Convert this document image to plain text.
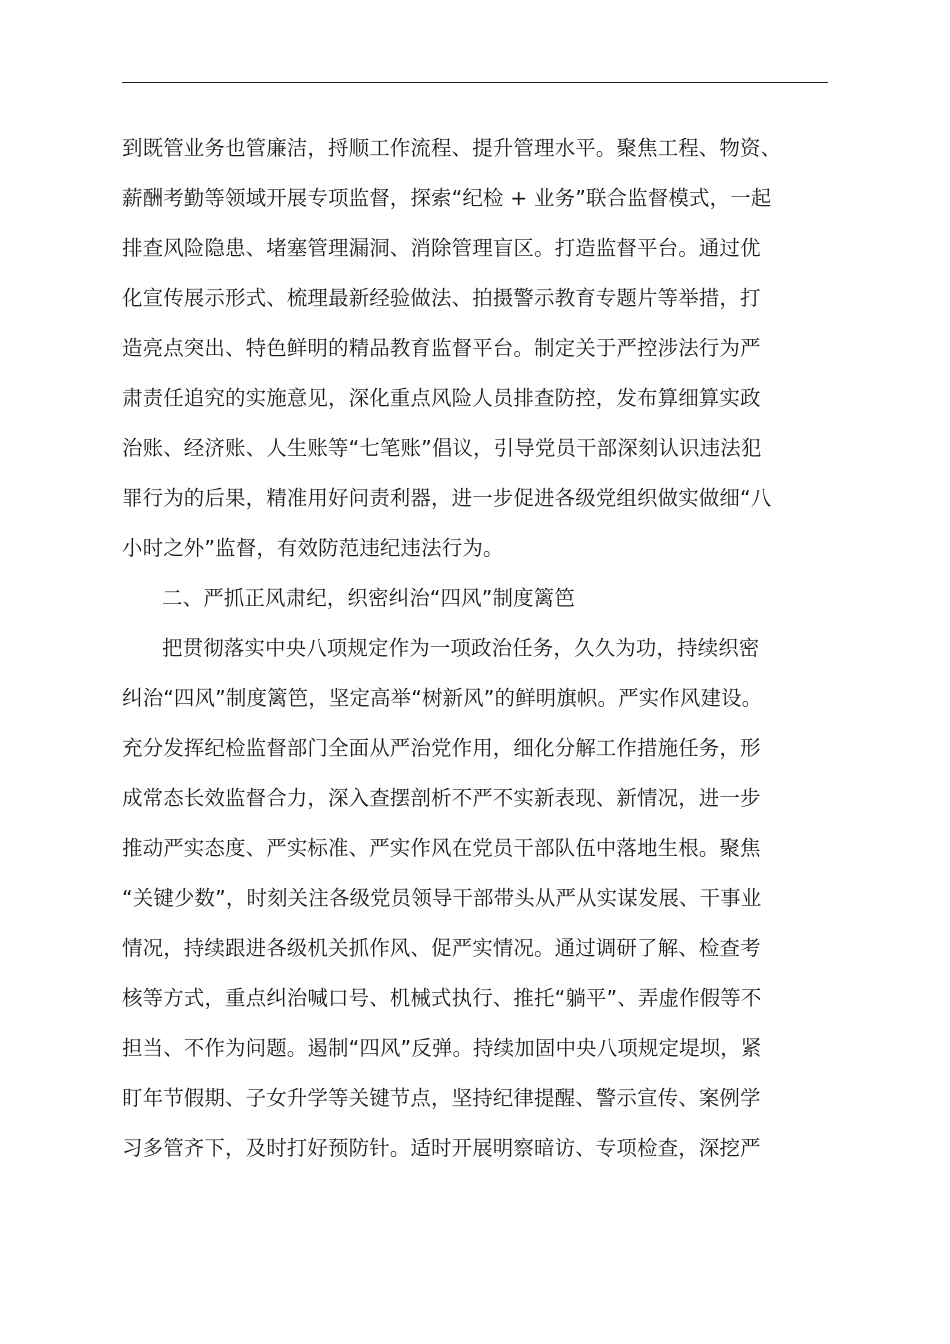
到既管业务也管廉洁，捋顺工作流程、提升管理水平。聚焦工程、物资、
薪酬考勤等领域开展专项监督，探索“纪检 + 业务”联合监督模式，一起
排查风险隐患、堵塞管理漏洞、消除管理盲区。打造监督平台。通过优
化宣传展示形式、梳理最新经验做法、拍摄警示教育专题片等举措，打
造亮点突出、特色鲜明的精品教育监督平台。制定关于严控涉法行为严
肃责任追究的实施意见，深化重点风险人员排查防控，发布算细算实政
治账、经济账、人生账等“七笔账”倡议，引导党员干部深刻认识违法犯
罪行为的后果，精准用好问责利器，进一步促进各级党组织做实做细“八
小时之外”监督，有效防范违纪违法行为。
二、严抓正风肃纪，织密纠治“四风”制度篱笆
把贯彻落实中央八项规定作为一项政治任务，久久为功，持续织密
纠治“四风”制度篱笆，坚定高举“树新风”的鲜明旗帜。严实作风建设。
充分发挥纪检监督部门全面从严治党作用，细化分解工作措施任务，形
成常态长效监督合力，深入查摆剖析不严不实新表现、新情况，进一步
推动严实态度、严实标准、严实作风在党员干部队伍中落地生根。聚焦
“关键少数”，时刻关注各级党员领导干部带头从严从实谋发展、干事业
情况，持续跟进各级机关抓作风、促严实情况。通过调研了解、检查考
核等方式，重点纠治喊口号、机械式执行、推托“躺平”、弄虚作假等不
担当、不作为问题。遏制“四风”反弹。持续加固中央八项规定堤坝，紧
盯年节假期、子女升学等关键节点，坚持纪律提醒、警示宣传、案例学
习多管齐下，及时打好预防针。适时开展明察暗访、专项检查，深挖严
